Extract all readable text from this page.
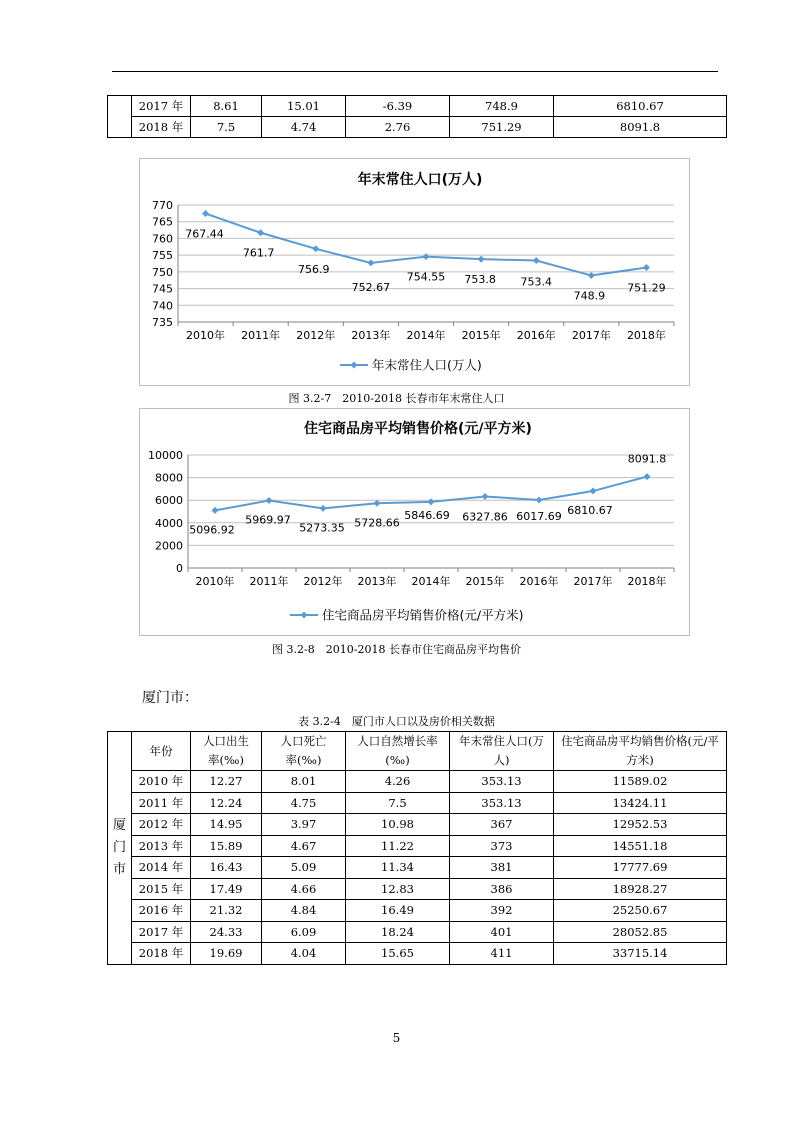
	2017 年	8.61	15.01	-6.39	748.9	6810.67
	2018 年	7.5	4.74	2.76	751.29	8091.8
年末常住人口(万人)
735
740
745
750
755
760
765
770
2010年 2011年 2012年 2013年 2014年 2015年 2016年 2017年 2018年
767.44
761.7
756.9
752.67
754.55 753.8 753.4
748.9
751.29
年末常住人口(万人)
图 3.2-7　2010-2018 长春市年末常住人口
住宅商品房平均销售价格(元/平方米)
0
2000
4000
6000
8000
10000
2010年 2011年 2012年 2013年 2014年 2015年 2016年 2017年 2018年
5096.92
5969.97
5273.35 5728.66
5846.69 6327.86 6017.69 6810.67
8091.8
住宅商品房平均销售价格(元/平方米)
图 3.2-8　2010-2018 长春市住宅商品房平均售价
厦门市：
表 3.2-4　厦门市人口以及房价相关数据
厦
门
市	年份	人口出生	人口死亡	人口自然增长率	年末常住人口(万	住宅商品房平均销售价格(元/平
		率(‰)	率(‰)	(‰)	人)	方米)
	2010 年	12.27	8.01	4.26	353.13	11589.02
	2011 年	12.24	4.75	7.5	353.13	13424.11
	2012 年	14.95	3.97	10.98	367	12952.53
	2013 年	15.89	4.67	11.22	373	14551.18
	2014 年	16.43	5.09	11.34	381	17777.69
	2015 年	17.49	4.66	12.83	386	18928.27
	2016 年	21.32	4.84	16.49	392	25250.67
	2017 年	24.33	6.09	18.24	401	28052.85
	2018 年	19.69	4.04	15.65	411	33715.14
5
